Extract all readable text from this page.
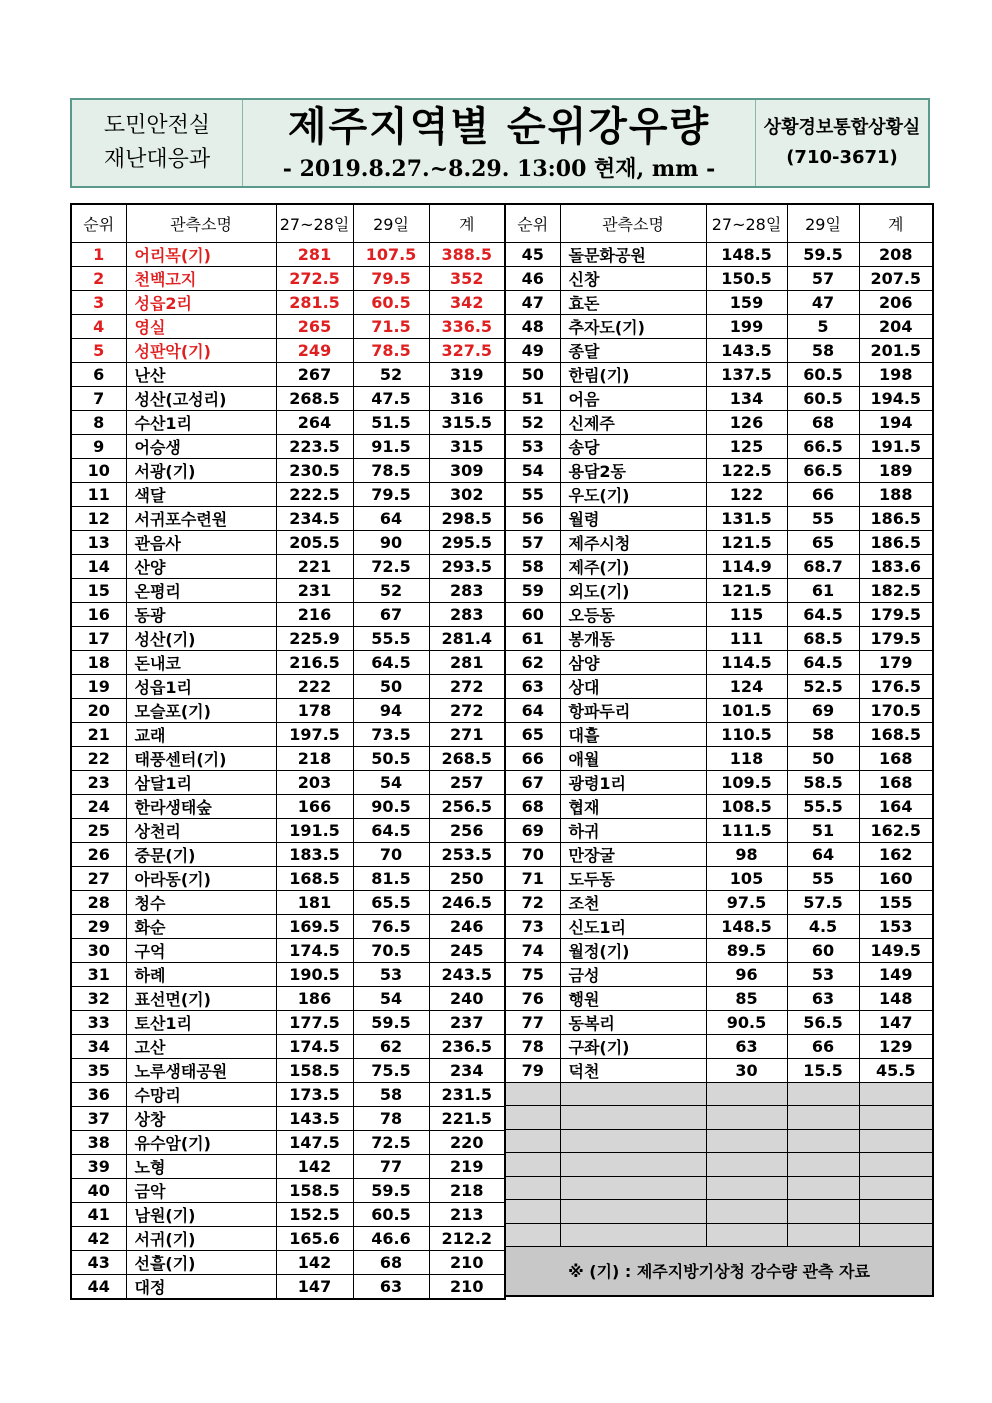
도민안전실
재난대응과
제주지역별 순위강우량
- 2019.8.27.~8.29. 13:00 현재, mm -
상황경보통합상황실
(710-3671)
순위	관측소명	27~28일	29일	계
1	어리목(기)	281	107.5	388.5
2	천백고지	272.5	79.5	352
3	성읍2리	281.5	60.5	342
4	영실	265	71.5	336.5
5	성판악(기)	249	78.5	327.5
6	난산	267	52	319
7	성산(고성리)	268.5	47.5	316
8	수산1리	264	51.5	315.5
9	어승생	223.5	91.5	315
10	서광(기)	230.5	78.5	309
11	색달	222.5	79.5	302
12	서귀포수련원	234.5	64	298.5
13	관음사	205.5	90	295.5
14	산양	221	72.5	293.5
15	온평리	231	52	283
16	동광	216	67	283
17	성산(기)	225.9	55.5	281.4
18	돈내코	216.5	64.5	281
19	성읍1리	222	50	272
20	모슬포(기)	178	94	272
21	교래	197.5	73.5	271
22	태풍센터(기)	218	50.5	268.5
23	삼달1리	203	54	257
24	한라생태숲	166	90.5	256.5
25	상천리	191.5	64.5	256
26	중문(기)	183.5	70	253.5
27	아라동(기)	168.5	81.5	250
28	청수	181	65.5	246.5
29	화순	169.5	76.5	246
30	구억	174.5	70.5	245
31	하례	190.5	53	243.5
32	표선면(기)	186	54	240
33	토산1리	177.5	59.5	237
34	고산	174.5	62	236.5
35	노루생태공원	158.5	75.5	234
36	수망리	173.5	58	231.5
37	상창	143.5	78	221.5
38	유수암(기)	147.5	72.5	220
39	노형	142	77	219
40	금악	158.5	59.5	218
41	남원(기)	152.5	60.5	213
42	서귀(기)	165.6	46.6	212.2
43	선흘(기)	142	68	210
44	대정	147	63	210
순위	관측소명	27~28일	29일	계
45	돌문화공원	148.5	59.5	208
46	신창	150.5	57	207.5
47	효돈	159	47	206
48	추자도(기)	199	5	204
49	종달	143.5	58	201.5
50	한림(기)	137.5	60.5	198
51	어음	134	60.5	194.5
52	신제주	126	68	194
53	송당	125	66.5	191.5
54	용담2동	122.5	66.5	189
55	우도(기)	122	66	188
56	월령	131.5	55	186.5
57	제주시청	121.5	65	186.5
58	제주(기)	114.9	68.7	183.6
59	외도(기)	121.5	61	182.5
60	오등동	115	64.5	179.5
61	봉개동	111	68.5	179.5
62	삼양	114.5	64.5	179
63	상대	124	52.5	176.5
64	항파두리	101.5	69	170.5
65	대흘	110.5	58	168.5
66	애월	118	50	168
67	광령1리	109.5	58.5	168
68	협재	108.5	55.5	164
69	하귀	111.5	51	162.5
70	만장굴	98	64	162
71	도두동	105	55	160
72	조천	97.5	57.5	155
73	신도1리	148.5	4.5	153
74	월정(기)	89.5	60	149.5
75	금성	96	53	149
76	행원	85	63	148
77	동복리	90.5	56.5	147
78	구좌(기)	63	66	129
79	덕천	30	15.5	45.5

※ (기) : 제주지방기상청 강수량 관측 자료				
